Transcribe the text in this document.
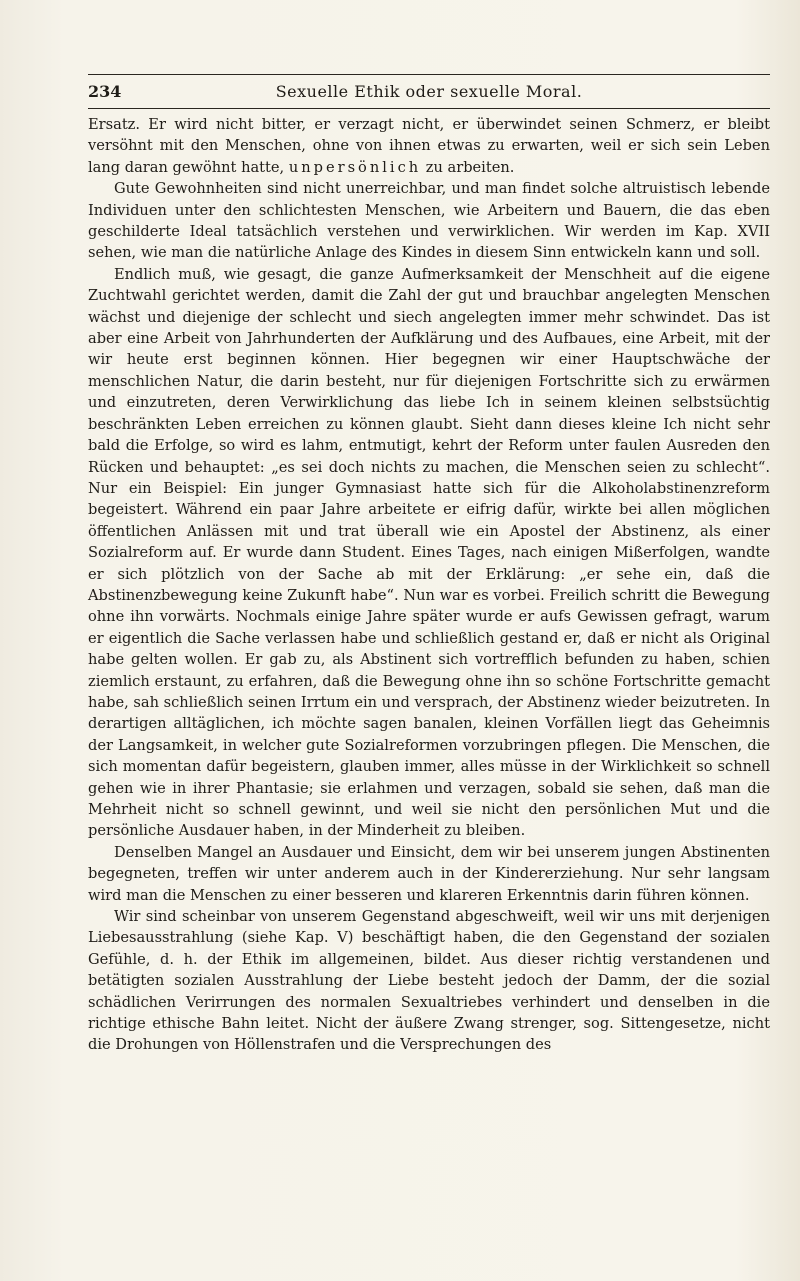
234	Sexuelle Ethik oder sexuelle Moral.

Ersatz. Er wird nicht bitter, er verzagt nicht, er überwindet seinen Schmerz, er bleibt versöhnt mit den Menschen, ohne von ihnen etwas zu erwarten, weil er sich sein Leben lang daran gewöhnt hatte, unpersönlich zu arbeiten.

Gute Gewohnheiten sind nicht unerreichbar, und man findet solche altruistisch lebende Individuen unter den schlichtesten Menschen, wie Arbeitern und Bauern, die das eben geschilderte Ideal tatsächlich verstehen und verwirklichen. Wir werden im Kap. XVII sehen, wie man die natürliche Anlage des Kindes in diesem Sinn entwickeln kann und soll.

Endlich muß, wie gesagt, die ganze Aufmerksamkeit der Menschheit auf die eigene Zuchtwahl gerichtet werden, damit die Zahl der gut und brauchbar angelegten Menschen wächst und diejenige der schlecht und siech angelegten immer mehr schwindet. Das ist aber eine Arbeit von Jahrhunderten der Aufklärung und des Aufbaues, eine Arbeit, mit der wir heute erst beginnen können. Hier begegnen wir einer Hauptschwäche der menschlichen Natur, die darin besteht, nur für diejenigen Fortschritte sich zu erwärmen und einzutreten, deren Verwirklichung das liebe Ich in seinem kleinen selbstsüchtig beschränkten Leben erreichen zu können glaubt. Sieht dann dieses kleine Ich nicht sehr bald die Erfolge, so wird es lahm, entmutigt, kehrt der Reform unter faulen Ausreden den Rücken und behauptet: „es sei doch nichts zu machen, die Menschen seien zu schlecht“. Nur ein Beispiel: Ein junger Gymnasiast hatte sich für die Alkoholabstinenzreform begeistert. Während ein paar Jahre arbeitete er eifrig dafür, wirkte bei allen möglichen öffentlichen Anlässen mit und trat überall wie ein Apostel der Abstinenz, als einer Sozialreform auf. Er wurde dann Student. Eines Tages, nach einigen Mißerfolgen, wandte er sich plötzlich von der Sache ab mit der Erklärung: „er sehe ein, daß die Abstinenzbewegung keine Zukunft habe“. Nun war es vorbei. Freilich schritt die Bewegung ohne ihn vorwärts. Nochmals einige Jahre später wurde er aufs Gewissen gefragt, warum er eigentlich die Sache verlassen habe und schließlich gestand er, daß er nicht als Original habe gelten wollen. Er gab zu, als Abstinent sich vortrefflich befunden zu haben, schien ziemlich erstaunt, zu erfahren, daß die Bewegung ohne ihn so schöne Fortschritte gemacht habe, sah schließlich seinen Irrtum ein und versprach, der Abstinenz wieder beizutreten. In derartigen alltäglichen, ich möchte sagen banalen, kleinen Vorfällen liegt das Geheimnis der Langsamkeit, in welcher gute Sozialreformen vorzubringen pflegen. Die Menschen, die sich momentan dafür begeistern, glauben immer, alles müsse in der Wirklichkeit so schnell gehen wie in ihrer Phantasie; sie erlahmen und verzagen, sobald sie sehen, daß man die Mehrheit nicht so schnell gewinnt, und weil sie nicht den persönlichen Mut und die persönliche Ausdauer haben, in der Minderheit zu bleiben.

Denselben Mangel an Ausdauer und Einsicht, dem wir bei unserem jungen Abstinenten begegneten, treffen wir unter anderem auch in der Kindererziehung. Nur sehr langsam wird man die Menschen zu einer besseren und klareren Erkenntnis darin führen können.

Wir sind scheinbar von unserem Gegenstand abgeschweift, weil wir uns mit derjenigen Liebesausstrahlung (siehe Kap. V) beschäftigt haben, die den Gegenstand der sozialen Gefühle, d. h. der Ethik im allgemeinen, bildet. Aus dieser richtig verstandenen und betätigten sozialen Ausstrahlung der Liebe besteht jedoch der Damm, der die sozial schädlichen Verirrungen des normalen Sexualtriebes verhindert und denselben in die richtige ethische Bahn leitet. Nicht der äußere Zwang strenger, sog. Sittengesetze, nicht die Drohungen von Höllenstrafen und die Versprechungen des
